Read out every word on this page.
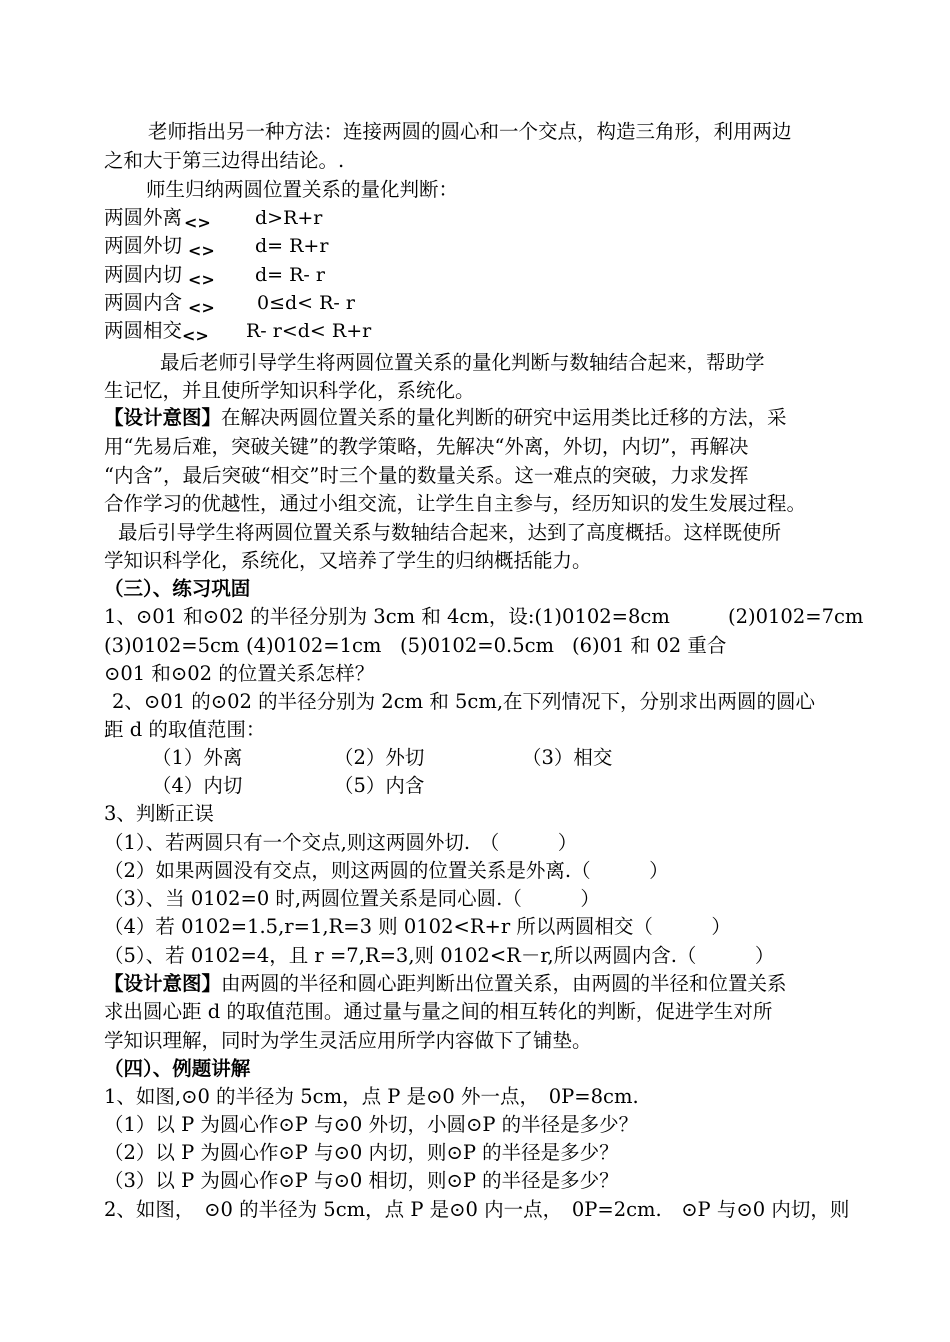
老师指出另一种方法：连接两圆的圆心和一个交点，构造三角形，利用两边
之和大于第三边得出结论。.
师生归纳两圆位置关系的量化判断：
两圆外离 <> d>R+r
两圆外切 <> d= R+r
两圆内切 <> d= R- r
两圆内含 <> 0≤d< R- r
两圆相交<> R- r<d< R+r
最后老师引导学生将两圆位置关系的量化判断与数轴结合起来，帮助学
生记忆，并且使所学知识科学化，系统化。
【设计意图】在解决两圆位置关系的量化判断的研究中运用类比迁移的方法，采
用“先易后难，突破关键”的教学策略，先解决“外离，外切，内切”，再解决
“内含”，最后突破“相交”时三个量的数量关系。这一难点的突破，力求发挥
合作学习的优越性，通过小组交流，让学生自主参与，经历知识的发生发展过程。
最后引导学生将两圆位置关系与数轴结合起来，达到了高度概括。这样既使所
学知识科学化，系统化，又培养了学生的归纳概括能力。
（三）、练习巩固
1、⊙01 和⊙02 的半径分别为 3cm 和 4cm，设:(1)0102=8cm	(2)0102=7cm
(3)0102=5cm (4)0102=1cm (5)0102=0.5cm (6)01 和 02 重合
⊙01 和⊙02 的位置关系怎样？
2、⊙01 的⊙02 的半径分别为 2cm 和 5cm,在下列情况下，分别求出两圆的圆心
距 d 的取值范围：
（1）外离	（2）外切	（3）相交
（4）内切	（5）内含
3、判断正误
（1）、若两圆只有一个交点,则这两圆外切.　（　　　）
（2）如果两圆没有交点，则这两圆的位置关系是外离.（　　　）
（3）、当 0102=0 时,两圆位置关系是同心圆.（　　　）
（4）若 0102=1.5,r=1,R=3 则 0102<R+r 所以两圆相交（　　　）
（5）、若 0102=4，且 r =7,R=3,则 0102<R－r,所以两圆内含.（　　　）
【设计意图】由两圆的半径和圆心距判断出位置关系，由两圆的半径和位置关系
求出圆心距 d 的取值范围。通过量与量之间的相互转化的判断，促进学生对所
学知识理解，同时为学生灵活应用所学内容做下了铺垫。
（四）、例题讲解
1、如图,⊙0 的半径为 5cm，点 P 是⊙0 外一点，　0P=8cm.
（1）以 P 为圆心作⊙P 与⊙0 外切，小圆⊙P 的半径是多少？
（2）以 P 为圆心作⊙P 与⊙0 内切，则⊙P 的半径是多少？
（3）以 P 为圆心作⊙P 与⊙0 相切，则⊙P 的半径是多少？
2、如图，　⊙0 的半径为 5cm，点 P 是⊙0 内一点，　0P=2cm.　⊙P 与⊙0 内切，则
